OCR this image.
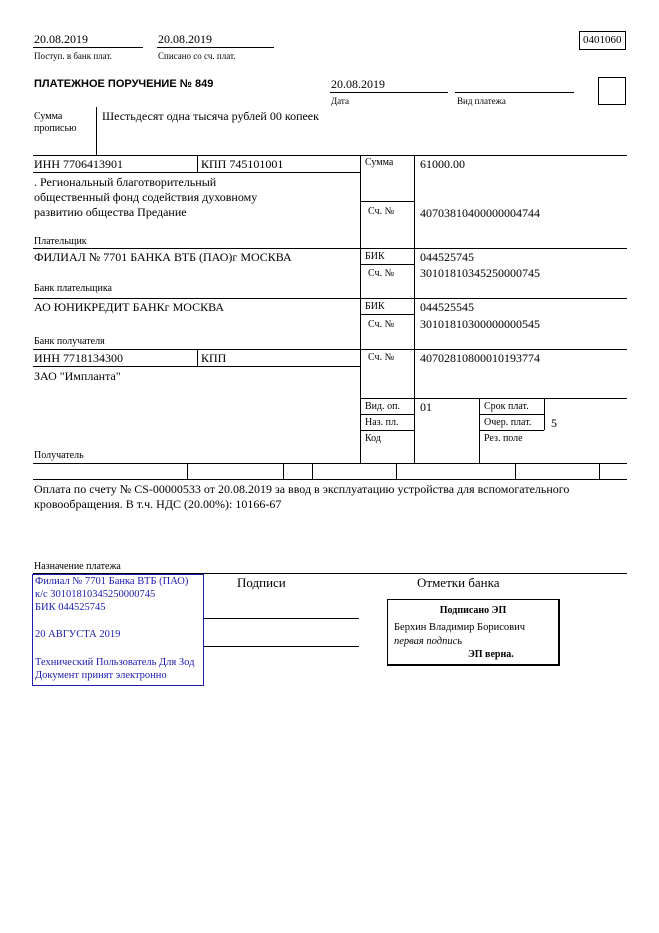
20.08.2019
Поступ. в банк плат.
20.08.2019
Списано со сч. плат.
0401060
ПЛАТЕЖНОЕ ПОРУЧЕНИЕ № 849	20.08.2019
Дата	Вид платежа
Сумма
прописью
Шестьдесят одна тысяча рублей 00 копеек
ИНН 7706413901	КПП 745101001
. Региональный благотворительный
общественный фонд содействия духовному
развитию общества Предание
Плательщик
Сумма 61000.00
Сч. № 40703810400000004744
ФИЛИАЛ № 7701 БАНКА ВТБ (ПАО)г МОСКВА
Банк плательщика
БИК	044525745
Сч. № 30101810345250000745
АО ЮНИКРЕДИТ БАНКг МОСКВА
Банк получателя
БИК	044525545
Сч. № 30101810300000000545
ИНН 7718134300	КПП
ЗАО "Импланта"
Сч. № 40702810800010193774
Вид. оп. 01
Наз. пл.
Код
Срок плат.
Очер. плат. 5
Рез. поле
Получатель
Оплата по счету № CS-00000533 от 20.08.2019 за ввод в эксплуатацию устройства для вспомогательного
кровообращения. В т.ч. НДС (20.00%): 10166-67
Назначение платежа
Подписи	Отметки банка
Филиал № 7701 Банка ВТБ (ПАО)
к/с 30101810345250000745
БИК 044525745
20 АВГУСТА 2019
Технический Пользователь Для Зод
Документ принят электронно
Подписано ЭП
Берхин Владимир Борисович
первая подпись
ЭП верна.
